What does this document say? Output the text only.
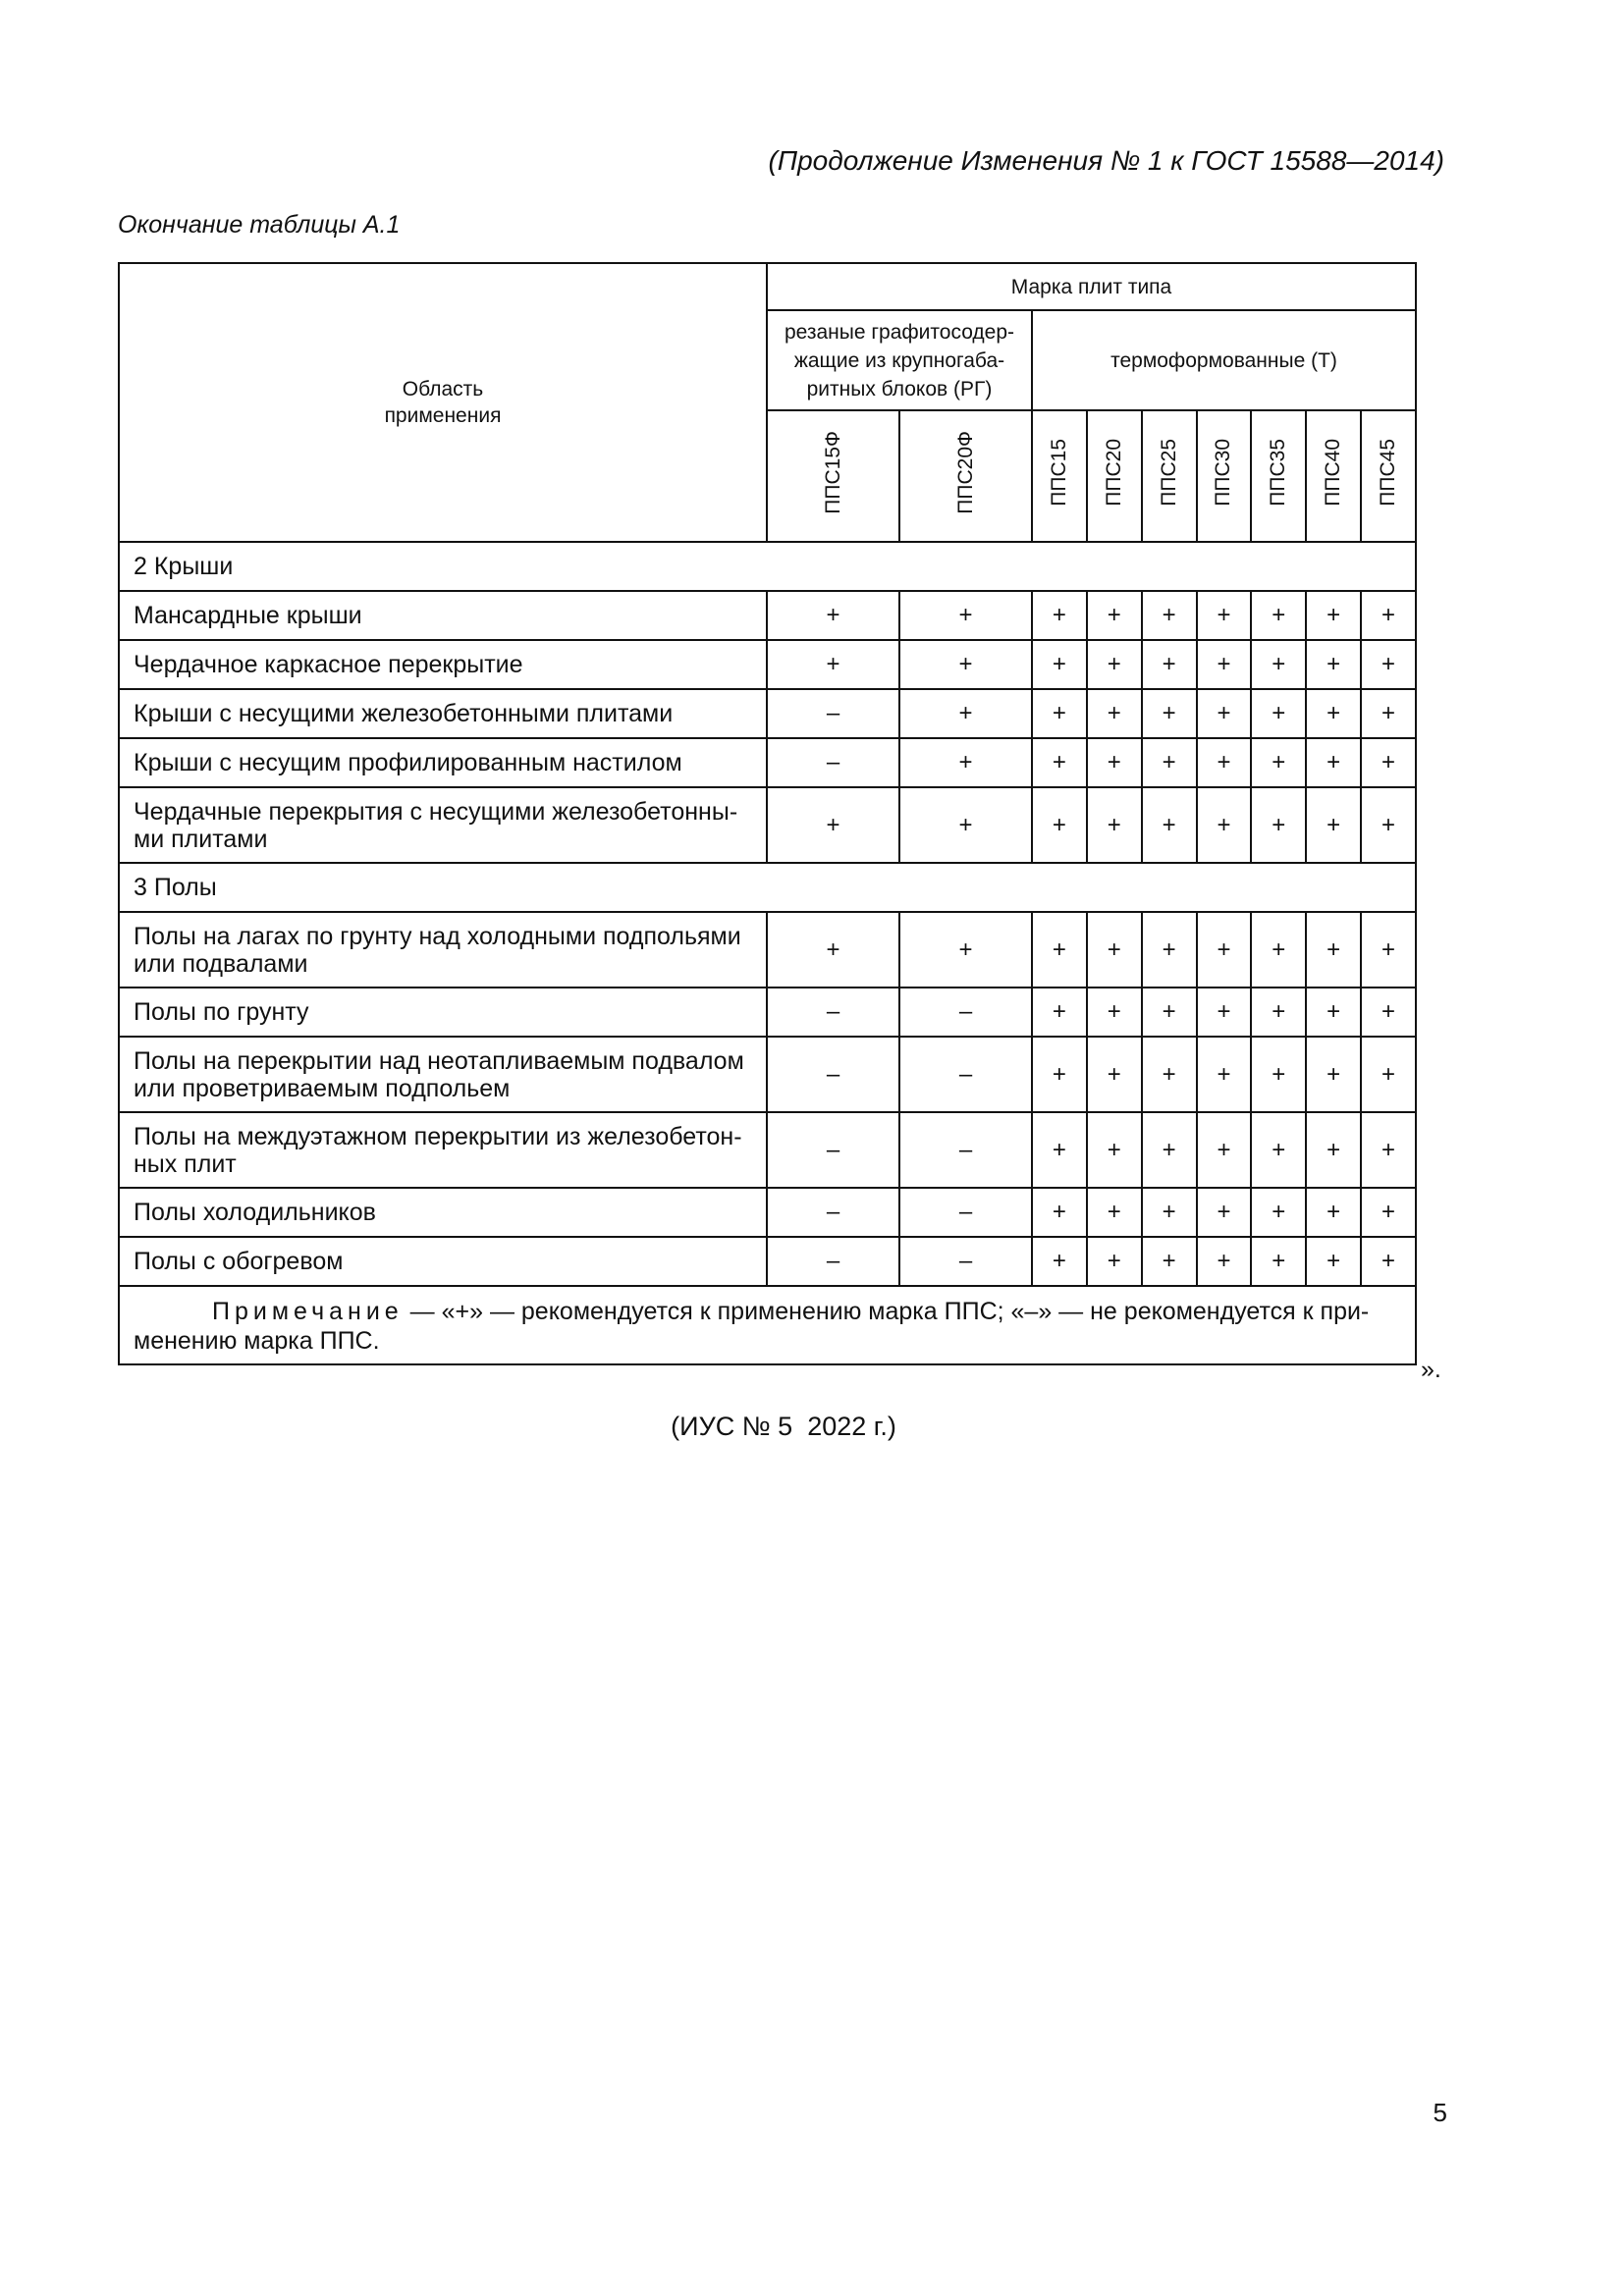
(Продолжение Изменения № 1 к ГОСТ 15588—2014)
Окончание таблицы А.1
Область
применения	Марка плит типа								

	резаные графитосодер-
жащие из крупногаба-
ритных блоков (РГ)		термоформованные (Т)						
	ППС15Ф	ППС20Ф	ППС15	ППС20	ППС25	ППС30	ППС35	ППС40	ППС45
2 Крыши									

Мансардные крыши	+	+	+	+	+	+	+	+	+

Чердачное каркасное перекрытие	+	+	+	+	+	+	+	+	+

Крыши с несущими железобетонными плитами	–	+	+	+	+	+	+	+	+

Крыши с несущим профилированным настилом	–	+	+	+	+	+	+	+	+

Чердачные перекрытия с несущими железобетонны-
ми плитами	+	+	+	+	+	+	+	+	+
3 Полы									

Полы на лагах по грунту над холодными подпольями
или подвалами	+	+	+	+	+	+	+	+	+

Полы по грунту	–	–	+	+	+	+	+	+	+

Полы на перекрытии над неотапливаемым подвалом
или проветриваемым подпольем	–	–	+	+	+	+	+	+	+

Полы на междуэтажном перекрытии из железобетон-
ных плит	–	–	+	+	+	+	+	+	+

Полы холодильников	–	–	+	+	+	+	+	+	+

Полы с обогревом	–	–	+	+	+	+	+	+	+

Примечание — «+» — рекомендуется к применению марка ППС; «–» — не рекомендуется к при-
менению марка ППС.									
».
(ИУС № 5  2022 г.)
5
